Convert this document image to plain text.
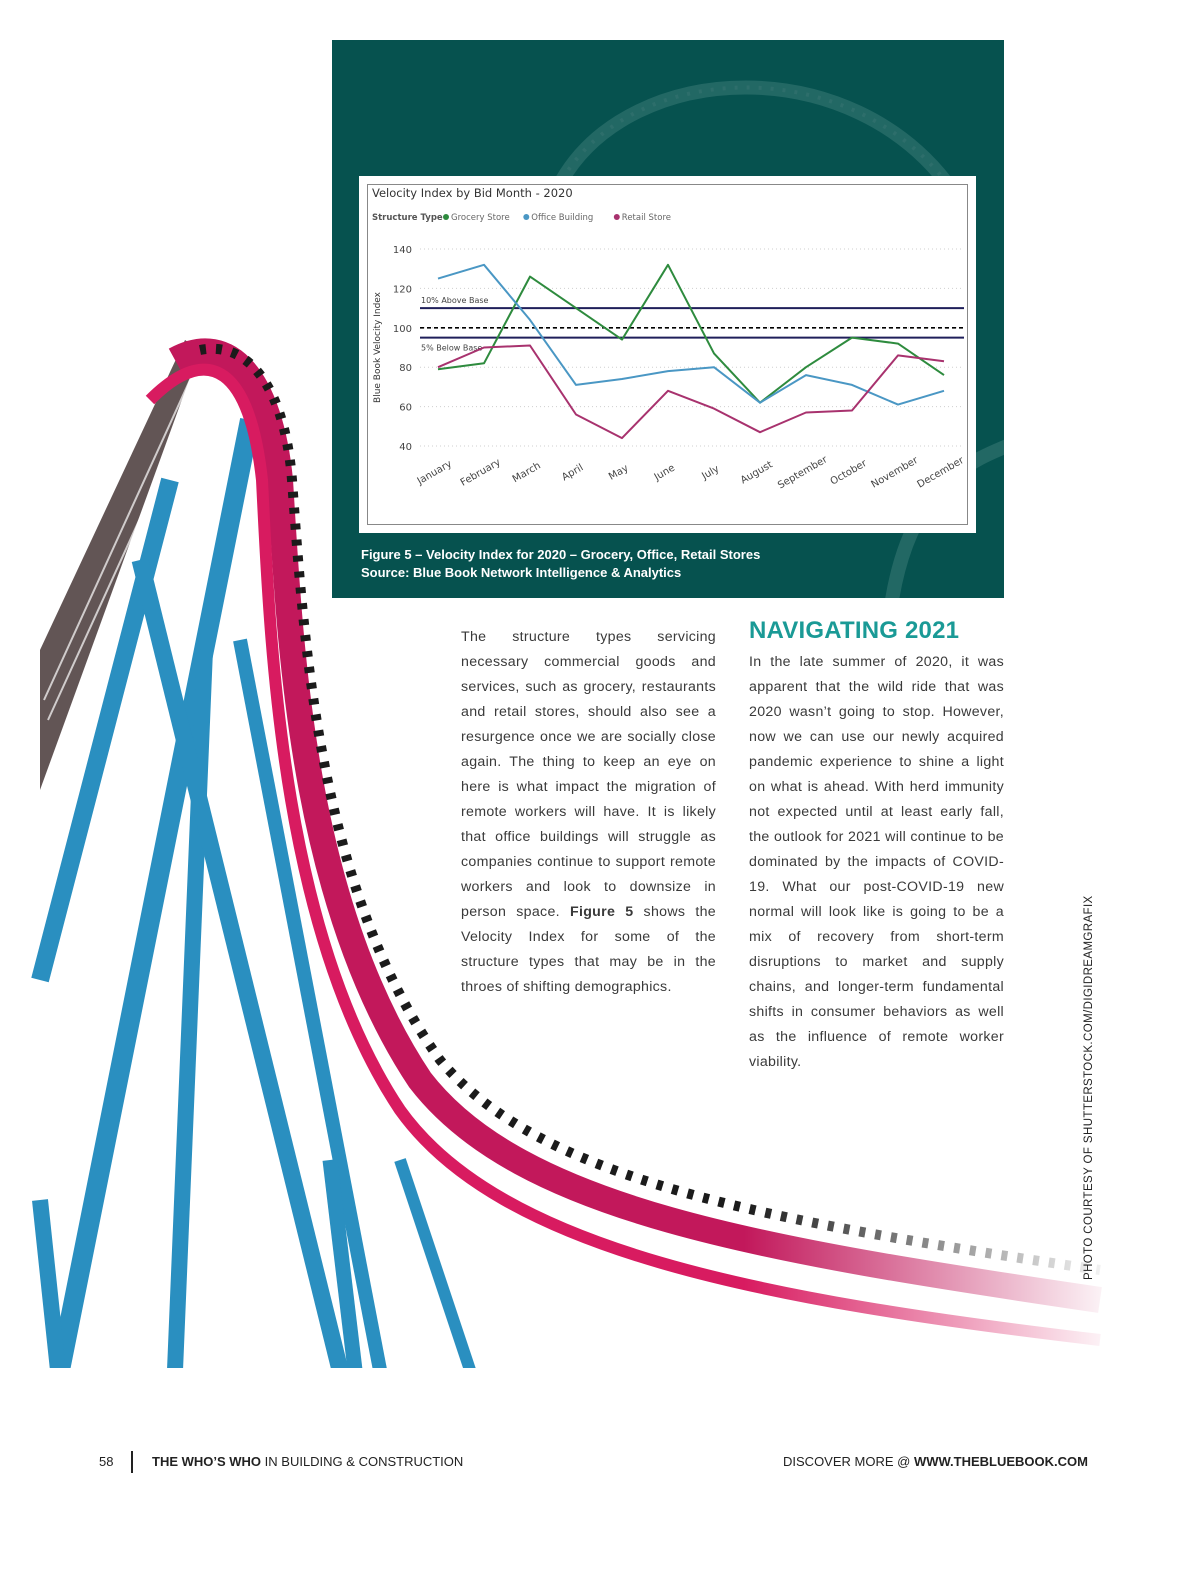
Velocity Index by Bid Month - 2020
Structure Type Grocery Store	Office Building	Retail Store
40
60
80
100
120
140
Blue Book Velocity Index	10% Above Base
5% Below Base
January February March April May June July August September October November
December
Figure 5 – Velocity Index for 2020 – Grocery, Office, Retail Stores
Source: Blue Book Network Intelligence & Analytics
The structure types servicing necessary commercial goods and services, such as grocery, restaurants and retail stores, should also see a resurgence once we are socially close again. The thing to keep an eye on here is what impact the migration of remote workers will have. It is likely that office buildings will struggle as companies continue to support remote workers and look to downsize in person space. Figure 5 shows the Velocity Index for some of the structure types that may be in the throes of shifting demographics.
NAVIGATING 2021
In the late summer of 2020, it was apparent that the wild ride that was 2020 wasn’t going to stop. However, now we can use our newly acquired pandemic experience to shine a light on what is ahead. With herd immunity not expected until at least early fall, the outlook for 2021 will continue to be dominated by the impacts of COVID-19. What our post-COVID-19 new normal will look like is going to be a mix of recovery from short-term disruptions to market and supply chains, and longer-term fundamental shifts in consumer behaviors as well as the influence of remote worker viability.	PHOTO COURTESY OF SHUTTERSTOCK.COM/DIGIDREAMGRAFIX
58	THE WHO’S WHO IN BUILDING & CONSTRUCTION	DISCOVER MORE @ WWW.THEBLUEBOOK.COM
